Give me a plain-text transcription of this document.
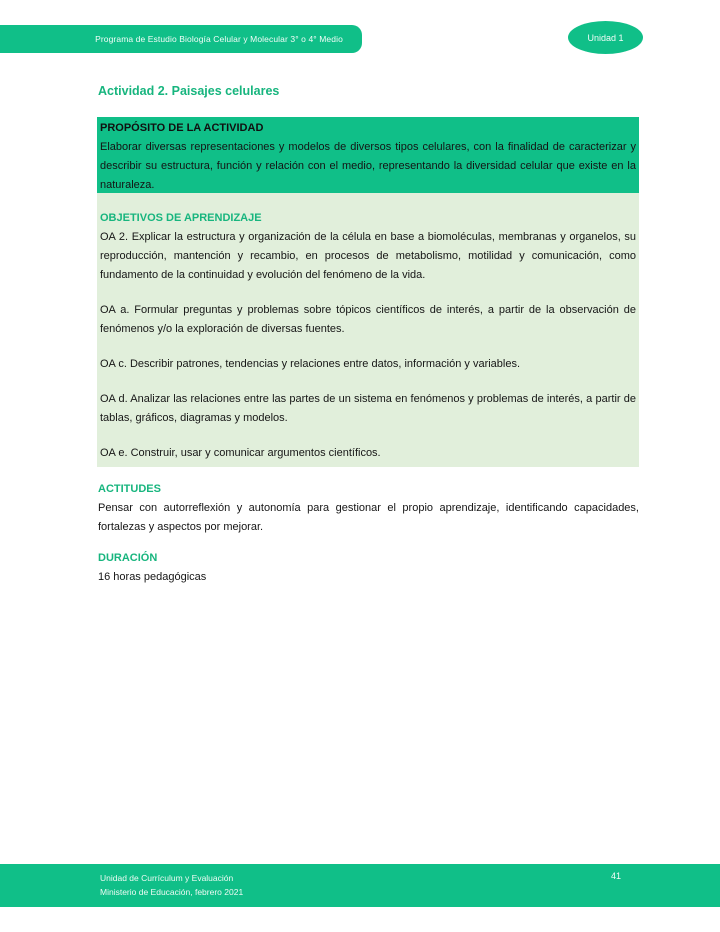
Programa de Estudio Biología Celular y Molecular 3° o 4° Medio	Unidad 1
Actividad 2. Paisajes celulares
PROPÓSITO DE LA ACTIVIDAD

Elaborar diversas representaciones y modelos de diversos tipos celulares, con la finalidad de caracterizar y describir su estructura, función y relación con el medio, representando la diversidad celular que existe en la naturaleza.

OBJETIVOS DE APRENDIZAJE

OA 2. Explicar la estructura y organización de la célula en base a biomoléculas, membranas y organelos, su reproducción, mantención y recambio, en procesos de metabolismo, motilidad y comunicación, como fundamento de la continuidad y evolución del fenómeno de la vida.

OA a. Formular preguntas y problemas sobre tópicos científicos de interés, a partir de la observación de fenómenos y/o la exploración de diversas fuentes.

OA c. Describir patrones, tendencias y relaciones entre datos, información y variables.

OA d. Analizar las relaciones entre las partes de un sistema en fenómenos y problemas de interés, a partir de tablas, gráficos, diagramas y modelos.

OA e. Construir, usar y comunicar argumentos científicos.

ACTITUDES

Pensar con autorreflexión y autonomía para gestionar el propio aprendizaje, identificando capacidades, fortalezas y aspectos por mejorar.

DURACIÓN

16 horas pedagógicas

Unidad de Currículum y Evaluación
Ministerio de Educación, febrero 2021
41
